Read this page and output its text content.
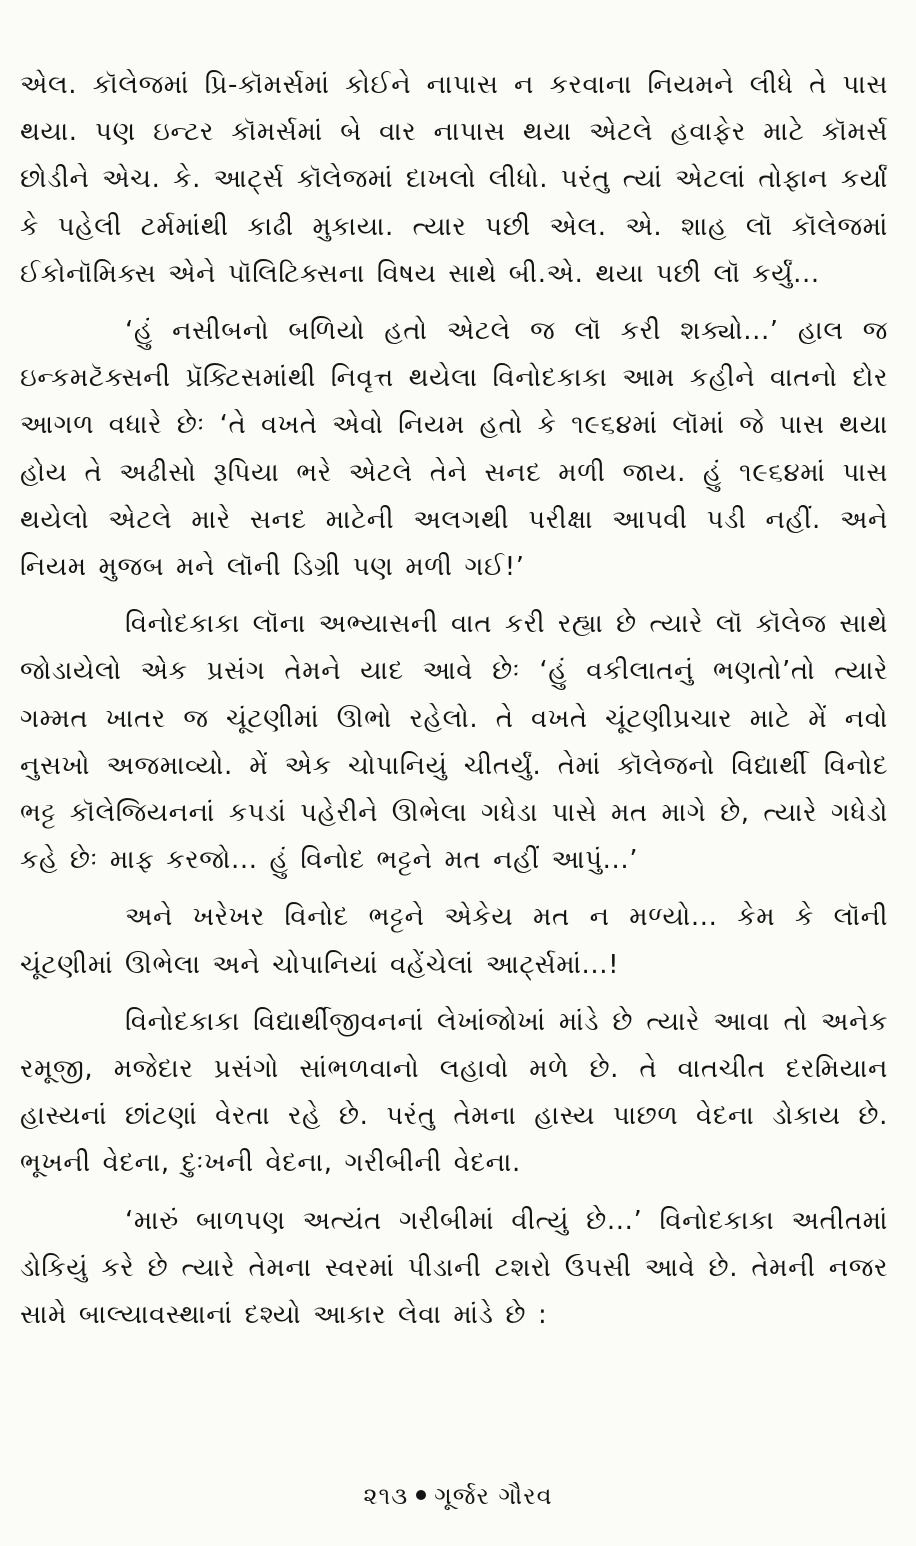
એલ. કૉલેજમાં પ્રિ-કૉમર્સમાં કોઈને નાપાસ ન કરવાના નિયમને લીધે તે પાસ થયા. પણ ઇન્ટર કૉમર્સમાં બે વાર નાપાસ થયા એટલે હવાફેર માટે કૉમર્સ છોડીને એચ. કે. આર્ટ્સ કૉલેજમાં દાખલો લીધો. પરંતુ ત્યાં એટલાં તોફાન કર્યાં કે પહેલી ટર્મમાંથી કાઢી મુકાયા. ત્યાર પછી એલ. એ. શાહ લૉ કૉલેજમાં ઈકોનૉમિક્સ એને પૉલિટિક્સના વિષય સાથે બી.એ. થયા પછી લૉ કર્યું...

‘હું નસીબનો બળિયો હતો એટલે જ લૉ કરી શક્યો...’ હાલ જ ઇન્કમટૅક્સની પ્રૅક્ટિસમાંથી નિવૃત્ત થયેલા વિનોદકાકા આમ કહીને વાતનો દોર આગળ વધારે છેઃ ‘તે વખતે એવો નિયમ હતો કે ૧૯૬૪માં લૉમાં જે પાસ થયા હોય તે અઢીસો રૂપિયા ભરે એટલે તેને સનદ મળી જાય. હું ૧૯૬૪માં પાસ થયેલો એટલે મારે સનદ માટેની અલગથી પરીક્ષા આપવી પડી નહીં. અને નિયમ મુજબ મને લૉની ડિગ્રી પણ મળી ગઈ!’

વિનોદકાકા લૉના અભ્યાસની વાત કરી રહ્યા છે ત્યારે લૉ કૉલેજ સાથે જોડાયેલો એક પ્રસંગ તેમને યાદ આવે છેઃ ‘હું વકીલાતનું ભણતો’તો ત્યારે ગમ્મત ખાતર જ ચૂંટણીમાં ઊભો રહેલો. તે વખતે ચૂંટણીપ્રચાર માટે મેં નવો નુસખો અજમાવ્યો. મેં એક ચોપાનિયું ચીતર્યું. તેમાં કૉલેજનો વિદ્યાર્થી વિનોદ ભટ્ટ કૉલેજિયનનાં કપડાં પહેરીને ઊભેલા ગધેડા પાસે મત માગે છે, ત્યારે ગધેડો કહે છેઃ માફ કરજો... હું વિનોદ ભટ્ટને મત નહીં આપું...’

અને ખરેખર વિનોદ ભટ્ટને એકેય મત ન મળ્યો... કેમ કે લૉની ચૂંટણીમાં ઊભેલા અને ચોપાનિયાં વહેંચેલાં આર્ટ્સમાં...!

વિનોદકાકા વિદ્યાર્થીજીવનનાં લેખાંજોખાં માંડે છે ત્યારે આવા તો અનેક રમૂજી, મજેદાર પ્રસંગો સાંભળવાનો લહાવો મળે છે. તે વાતચીત દરમિયાન હાસ્યનાં છાંટણાં વેરતા રહે છે. પરંતુ તેમના હાસ્ય પાછળ વેદના ડોકાય છે. ભૂખની વેદના, દુઃખની વેદના, ગરીબીની વેદના.

‘મારું બાળપણ અત્યંત ગરીબીમાં વીત્યું છે...’ વિનોદકાકા અતીતમાં ડોકિયું કરે છે ત્યારે તેમના સ્વરમાં પીડાની ટશરો ઉપસી આવે છે. તેમની નજર સામે બાલ્યાવસ્થાનાં દશ્યો આકાર લેવા માંડે છે :

૨૧૩ ગૂર્જર ગૌરવ
